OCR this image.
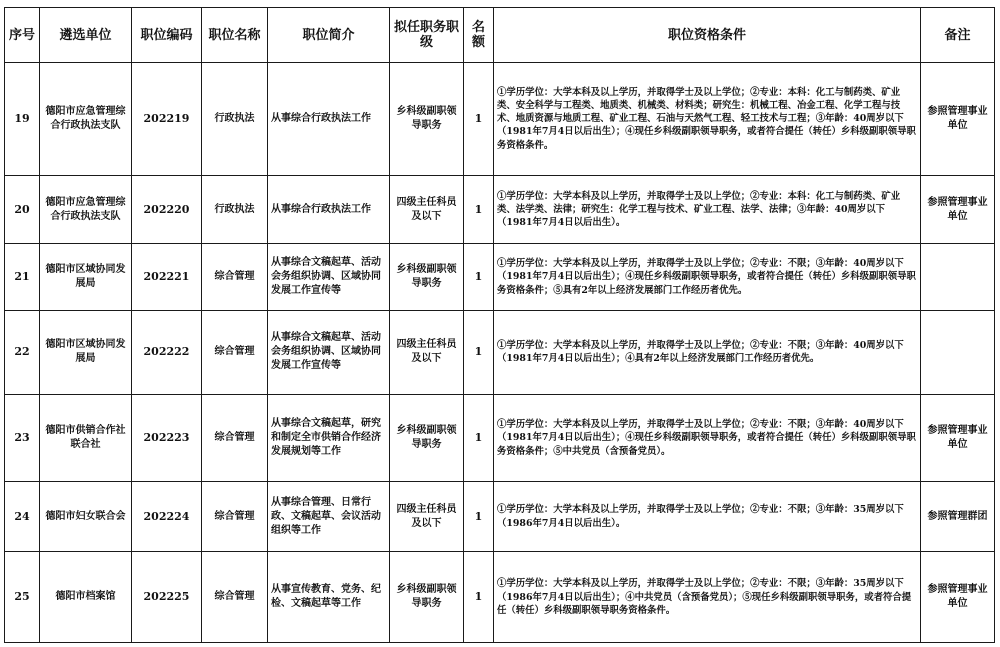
序号	遴选单位	职位编码	职位名称	职位简介	拟任职务职级	名额	职位资格条件	备注
19	德阳市应急管理综合行政执法支队	202219	行政执法	从事综合行政执法工作	乡科级副职领导职务	1	①学历学位：大学本科及以上学历，并取得学士及以上学位；②专业：本科：化工与制药类、矿业类、安全科学与工程类、地质类、机械类、材料类；研究生：机械工程、冶金工程、化学工程与技术、地质资源与地质工程、矿业工程、石油与天然气工程、轻工技术与工程；③年龄：40周岁以下（1981年7月4日以后出生）；④现任乡科级副职领导职务，或者符合提任（转任）乡科级副职领导职务资格条件。	参照管理事业单位
20	德阳市应急管理综合行政执法支队	202220	行政执法	从事综合行政执法工作	四级主任科员及以下	1	①学历学位：大学本科及以上学历，并取得学士及以上学位；②专业：本科：化工与制药类、矿业类、法学类、法律；研究生：化学工程与技术、矿业工程、法学、法律；③年龄：40周岁以下（1981年7月4日以后出生）。	参照管理事业单位
21	德阳市区域协同发展局	202221	综合管理	从事综合文稿起草、活动会务组织协调、区域协同发展工作宣传等	乡科级副职领导职务	1	①学历学位：大学本科及以上学历，并取得学士及以上学位；②专业：不限；③年龄：40周岁以下（1981年7月4日以后出生）；④现任乡科级副职领导职务，或者符合提任（转任）乡科级副职领导职务资格条件；⑤具有2年以上经济发展部门工作经历者优先。	
22	德阳市区域协同发展局	202222	综合管理	从事综合文稿起草、活动会务组织协调、区域协同发展工作宣传等	四级主任科员及以下	1	①学历学位：大学本科及以上学历，并取得学士及以上学位；②专业：不限；③年龄：40周岁以下（1981年7月4日以后出生）；④具有2年以上经济发展部门工作经历者优先。	
23	德阳市供销合作社联合社	202223	综合管理	从事综合文稿起草，研究和制定全市供销合作经济发展规划等工作	乡科级副职领导职务	1	①学历学位：大学本科及以上学历，并取得学士及以上学位；②专业：不限；③年龄：40周岁以下（1981年7月4日以后出生）；④现任乡科级副职领导职务，或者符合提任（转任）乡科级副职领导职务资格条件；⑤中共党员（含预备党员）。	参照管理事业单位
24	德阳市妇女联合会	202224	综合管理	从事综合管理、日常行政、文稿起草、会议活动组织等工作	四级主任科员及以下	1	①学历学位：大学本科及以上学历，并取得学士及以上学位；②专业：不限；③年龄：35周岁以下（1986年7月4日以后出生）。	参照管理群团
25	德阳市档案馆	202225	综合管理	从事宣传教育、党务、纪检、文稿起草等工作	乡科级副职领导职务	1	①学历学位：大学本科及以上学历，并取得学士及以上学位；②专业：不限；③年龄：35周岁以下（1986年7月4日以后出生）；④中共党员（含预备党员）；⑤现任乡科级副职领导职务，或者符合提任（转任）乡科级副职领导职务资格条件。	参照管理事业单位
